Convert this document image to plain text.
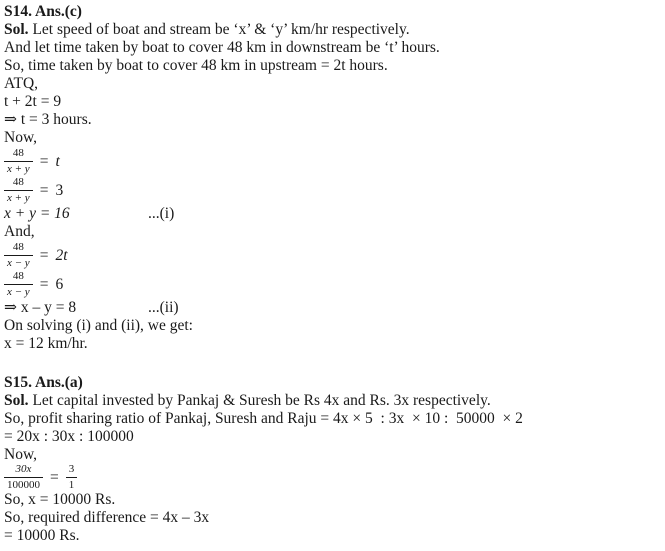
S14. Ans.(c)
Sol. Let speed of boat and stream be ‘x’ & ‘y’ km/hr respectively.
And let time taken by boat to cover 48 km in downstream be ‘t’ hours.
So, time taken by boat to cover 48 km in upstream = 2t hours.
ATQ,
t + 2t = 9
⇒ t = 3 hours.
Now,
$\frac{48}{x + y} = t$
$\frac{48}{x + y} = 3$
x + y = 16	...(i)
And,
$\frac{48}{x - y} = 2t$
$\frac{48}{x - y} = 6$
⇒ x – y = 8	...(ii)
On solving (i) and (ii), we get:
x = 12 km/hr.
S15. Ans.(a)
Sol. Let capital invested by Pankaj & Suresh be Rs 4x and Rs. 3x respectively.
So, profit sharing ratio of Pankaj, Suresh and Raju = 4x × 5  : 3x  × 10 :  50000  × 2
= 20x : 30x : 100000
Now,
$\frac{30x}{100000} = \frac{3}{1}$
So, x = 10000 Rs.
So, required difference = 4x – 3x
= 10000 Rs.
